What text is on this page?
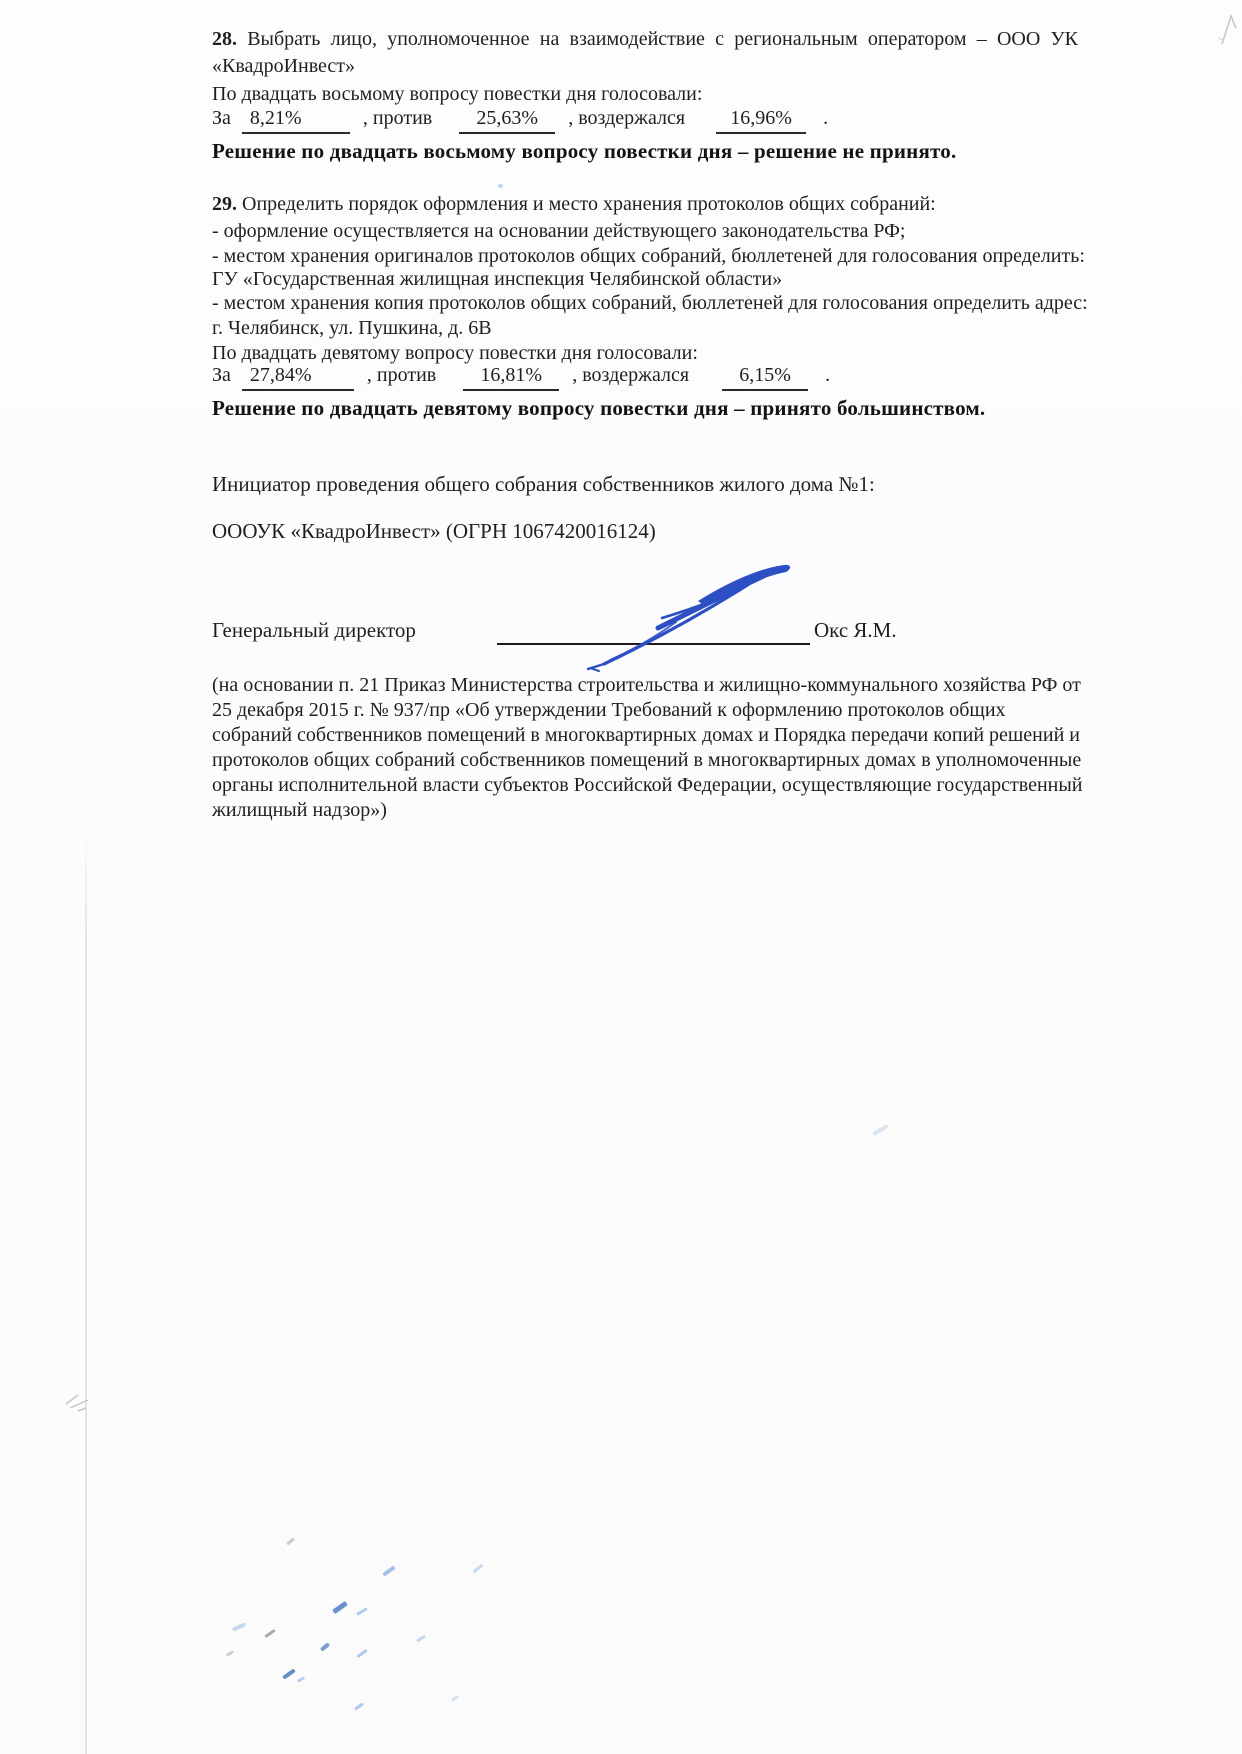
28. Выбрать лицо, уполномоченное на взаимодействие с региональным оператором – ООО УК «КвадроИнвест»

По двадцать восьмому вопросу повестки дня голосовали:
За 8,21%	, против 25,63% , воздержался 16,96% .
Решение по двадцать восьмому вопросу повестки дня – решение не принято.
29. Определить порядок оформления и место хранения протоколов общих собраний:
- оформление осуществляется на основании действующего законодательства РФ;
- местом хранения оригиналов протоколов общих собраний, бюллетеней для голосования определить:
ГУ «Государственная жилищная инспекция Челябинской области»
- местом хранения копия протоколов общих собраний, бюллетеней для голосования определить адрес:
г. Челябинск, ул. Пушкина, д. 6В
По двадцать девятому вопросу повестки дня голосовали:
За 27,84%	, против 16,81% , воздержался	6,15% .
Решение по двадцать девятому вопросу повестки дня – принято большинством.
Инициатор проведения общего собрания собственников жилого дома №1:
ОООУК «КвадроИнвест» (ОГРН 1067420016124)
Генеральный директор	Окс Я.М.

(на основании п. 21 Приказ Министерства строительства и жилищно-коммунального хозяйства РФ от 25 декабря 2015 г. № 937/пр «Об утверждении Требований к оформлению протоколов общих собраний собственников помещений в многоквартирных домах и Порядка передачи копий решений и протоколов общих собраний собственников помещений в многоквартирных домах в уполномоченные органы исполнительной власти субъектов Российской Федерации, осуществляющие государственный жилищный надзор»)
